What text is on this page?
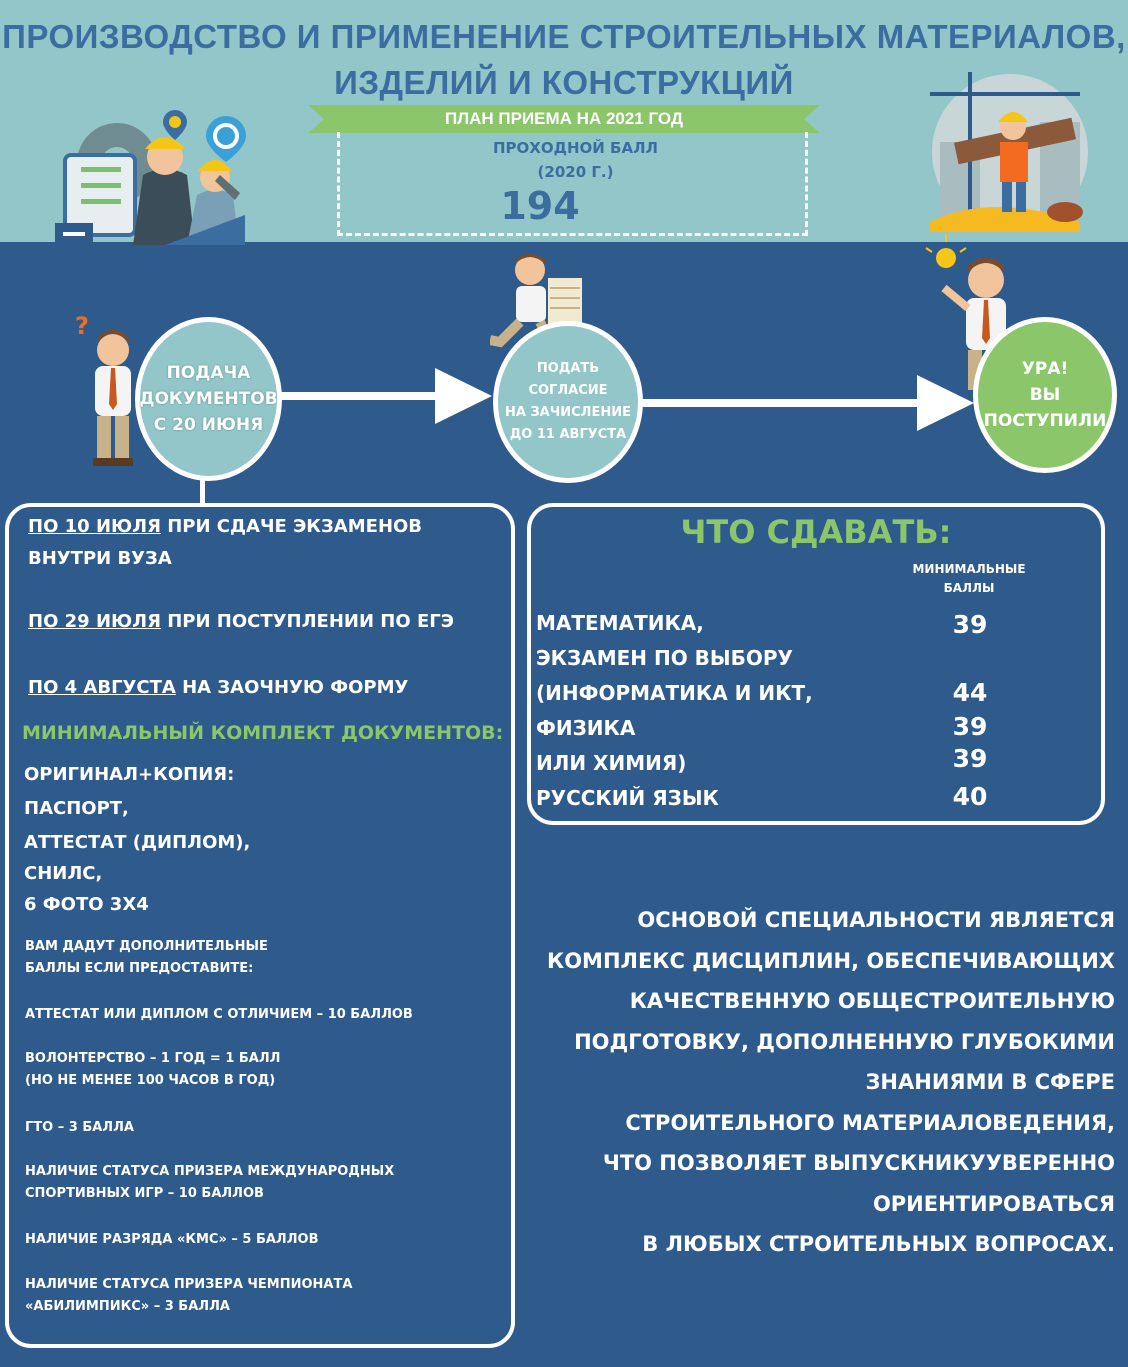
ПРОИЗВОДСТВО И ПРИМЕНЕНИЕ СТРОИТЕЛЬНЫХ МАТЕРИАЛОВ,
ИЗДЕЛИЙ И КОНСТРУКЦИЙ
ПЛАН ПРИЕМА НА 2021 ГОД
ПРОХОДНОЙ БАЛЛ
(2020 Г.)
194
?
ПОДАЧА
ДОКУМЕНТОВ
С 20 ИЮНЯ
ПОДАТЬ
СОГЛАСИЕ
НА ЗАЧИСЛЕНИЕ
ДО 11 АВГУСТА
УРА!
ВЫ
ПОСТУПИЛИ
ПО 10 ИЮЛЯ ПРИ СДАЧЕ ЭКЗАМЕНОВ
ВНУТРИ ВУЗА
ПО 29 ИЮЛЯ ПРИ ПОСТУПЛЕНИИ ПО ЕГЭ
ПО 4 АВГУСТА НА ЗАОЧНУЮ ФОРМУ
МИНИМАЛЬНЫЙ КОМПЛЕКТ ДОКУМЕНТОВ:
ОРИГИНАЛ+КОПИЯ:
ПАСПОРТ,
АТТЕСТАТ (ДИПЛОМ),
СНИЛС,
6 ФОТО 3Х4
ВАМ ДАДУТ ДОПОЛНИТЕЛЬНЫЕ
БАЛЛЫ ЕСЛИ ПРЕДОСТАВИТЕ:
АТТЕСТАТ ИЛИ ДИПЛОМ С ОТЛИЧИЕМ – 10 БАЛЛОВ
ВОЛОНТЕРСТВО – 1 ГОД = 1 БАЛЛ
(НО НЕ МЕНЕЕ 100 ЧАСОВ В ГОД)
ГТО – 3 БАЛЛА
НАЛИЧИЕ СТАТУСА ПРИЗЕРА МЕЖДУНАРОДНЫХ
СПОРТИВНЫХ ИГР – 10 БАЛЛОВ
НАЛИЧИЕ РАЗРЯДА «КМС» – 5 БАЛЛОВ
НАЛИЧИЕ СТАТУСА ПРИЗЕРА ЧЕМПИОНАТА
«АБИЛИМПИКС» – 3 БАЛЛА
ЧТО СДАВАТЬ:
МИНИМАЛЬНЫЕ
БАЛЛЫ
МАТЕМАТИКА,
ЭКЗАМЕН ПО ВЫБОРУ
(ИНФОРМАТИКА И ИКТ,
ФИЗИКА
ИЛИ ХИМИЯ)
РУССКИЙ ЯЗЫК
39
44
39
39
40
ОСНОВОЙ СПЕЦИАЛЬНОСТИ ЯВЛЯЕТСЯ
КОМПЛЕКС ДИСЦИПЛИН, ОБЕСПЕЧИВАЮЩИХ
КАЧЕСТВЕННУЮ ОБЩЕСТРОИТЕЛЬНУЮ
ПОДГОТОВКУ, ДОПОЛНЕННУЮ ГЛУБОКИМИ
ЗНАНИЯМИ В СФЕРЕ
СТРОИТЕЛЬНОГО МАТЕРИАЛОВЕДЕНИЯ,
ЧТО ПОЗВОЛЯЕТ ВЫПУСКНИКУУВЕРЕННО
ОРИЕНТИРОВАТЬСЯ
В ЛЮБЫХ СТРОИТЕЛЬНЫХ ВОПРОСАХ.
